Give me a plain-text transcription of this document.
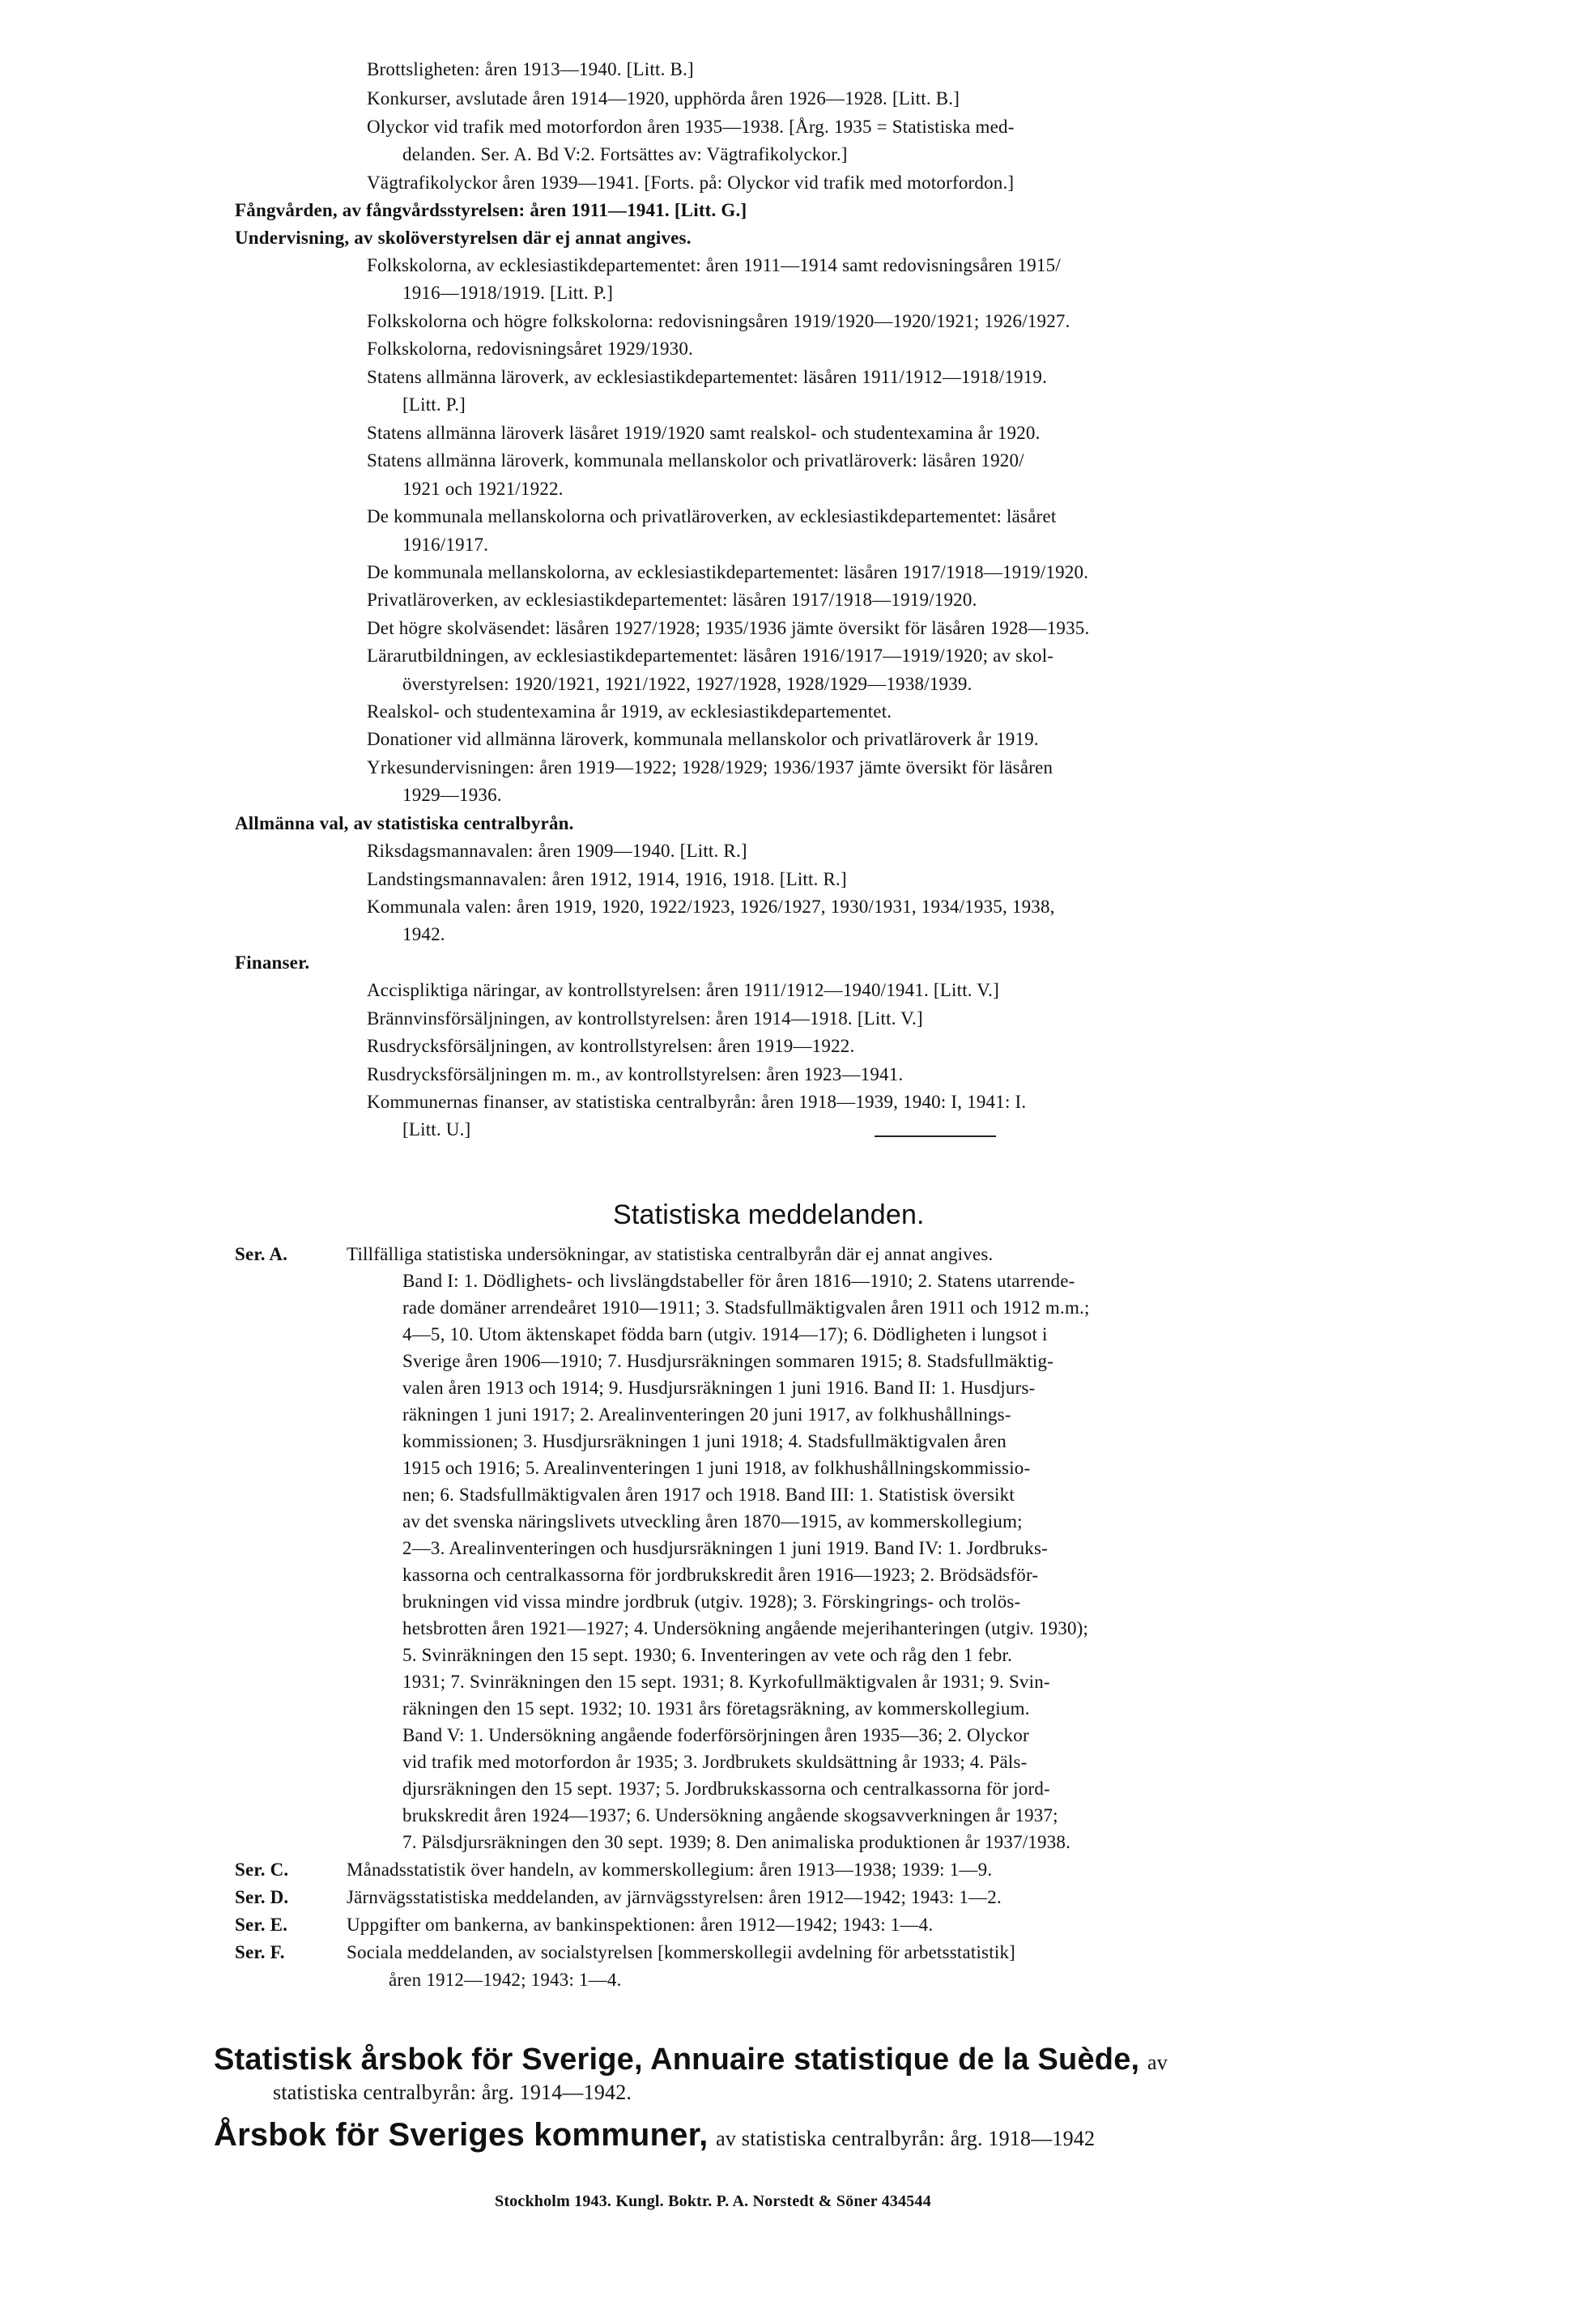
Brottsligheten: åren 1913—1940. [Litt. B.]
Konkurser, avslutade åren 1914—1920, upphörda åren 1926—1928. [Litt. B.]
Olyckor vid trafik med motorfordon åren 1935—1938. [Årg. 1935 = Statistiska med-
delanden. Ser. A. Bd V:2. Fortsättes av: Vägtrafikolyckor.]
Vägtrafikolyckor åren 1939—1941. [Forts. på: Olyckor vid trafik med motorfordon.]
Fångvården, av fångvårdsstyrelsen: åren 1911—1941. [Litt. G.]
Undervisning, av skolöverstyrelsen där ej annat angives.
Folkskolorna, av ecklesiastikdepartementet: åren 1911—1914 samt redovisningsåren 1915/
1916—1918/1919. [Litt. P.]
Folkskolorna och högre folkskolorna: redovisningsåren 1919/1920—1920/1921; 1926/1927.
Folkskolorna, redovisningsåret 1929/1930.
Statens allmänna läroverk, av ecklesiastikdepartementet: läsåren 1911/1912—1918/1919.
[Litt. P.]
Statens allmänna läroverk läsåret 1919/1920 samt realskol- och studentexamina år 1920.
Statens allmänna läroverk, kommunala mellanskolor och privatläroverk: läsåren 1920/
1921 och 1921/1922.
De kommunala mellanskolorna och privatläroverken, av ecklesiastikdepartementet: läsåret
1916/1917.
De kommunala mellanskolorna, av ecklesiastikdepartementet: läsåren 1917/1918—1919/1920.
Privatläroverken, av ecklesiastikdepartementet: läsåren 1917/1918—1919/1920.
Det högre skolväsendet: läsåren 1927/1928; 1935/1936 jämte översikt för läsåren 1928—1935.
Lärarutbildningen, av ecklesiastikdepartementet: läsåren 1916/1917—1919/1920; av skol-
överstyrelsen: 1920/1921, 1921/1922, 1927/1928, 1928/1929—1938/1939.
Realskol- och studentexamina år 1919, av ecklesiastikdepartementet.
Donationer vid allmänna läroverk, kommunala mellanskolor och privatläroverk år 1919.
Yrkesundervisningen: åren 1919—1922; 1928/1929; 1936/1937 jämte översikt för läsåren
1929—1936.
Allmänna val, av statistiska centralbyrån.
Riksdagsmannavalen: åren 1909—1940. [Litt. R.]
Landstingsmannavalen: åren 1912, 1914, 1916, 1918. [Litt. R.]
Kommunala valen: åren 1919, 1920, 1922/1923, 1926/1927, 1930/1931, 1934/1935, 1938,
1942.
Finanser.
Accispliktiga näringar, av kontrollstyrelsen: åren 1911/1912—1940/1941. [Litt. V.]
Brännvinsförsäljningen, av kontrollstyrelsen: åren 1914—1918. [Litt. V.]
Rusdrycksförsäljningen, av kontrollstyrelsen: åren 1919—1922.
Rusdrycksförsäljningen m. m., av kontrollstyrelsen: åren 1923—1941.
Kommunernas finanser, av statistiska centralbyrån: åren 1918—1939, 1940: I, 1941: I.
[Litt. U.]
Ser. A.	Tillfälliga statistiska undersökningar, av statistiska centralbyrån där ej annat angives.
Band I: 1. Dödlighets- och livslängdstabeller för åren 1816—1910; 2. Statens utarrende-
rade domäner arrendeåret 1910—1911; 3. Stadsfullmäktigvalen åren 1911 och 1912 m.m.;
4—5, 10. Utom äktenskapet födda barn (utgiv. 1914—17); 6. Dödligheten i lungsot i
Sverige åren 1906—1910; 7. Husdjursräkningen sommaren 1915; 8. Stadsfullmäktig-
valen åren 1913 och 1914; 9. Husdjursräkningen 1 juni 1916. Band II: 1. Husdjurs-
räkningen 1 juni 1917; 2. Arealinventeringen 20 juni 1917, av folkhushållnings-
kommissionen; 3. Husdjursräkningen 1 juni 1918; 4. Stadsfullmäktigvalen åren
1915 och 1916; 5. Arealinventeringen 1 juni 1918, av folkhushållningskommissio-
nen; 6. Stadsfullmäktigvalen åren 1917 och 1918. Band III: 1. Statistisk översikt
av det svenska näringslivets utveckling åren 1870—1915, av kommerskollegium;
2—3. Arealinventeringen och husdjursräkningen 1 juni 1919. Band IV: 1. Jordbruks-
kassorna och centralkassorna för jordbrukskredit åren 1916—1923; 2. Brödsädsför-
brukningen vid vissa mindre jordbruk (utgiv. 1928); 3. Förskingrings- och trolös-
hetsbrotten åren 1921—1927; 4. Undersökning angående mejerihanteringen (utgiv. 1930);
5. Svinräkningen den 15 sept. 1930; 6. Inventeringen av vete och råg den 1 febr.
1931; 7. Svinräkningen den 15 sept. 1931; 8. Kyrkofullmäktigvalen år 1931; 9. Svin-
räkningen den 15 sept. 1932; 10. 1931 års företagsräkning, av kommerskollegium.
Band V: 1. Undersökning angående foderförsörjningen åren 1935—36; 2. Olyckor
vid trafik med motorfordon år 1935; 3. Jordbrukets skuldsättning år 1933; 4. Päls-
djursräkningen den 15 sept. 1937; 5. Jordbrukskassorna och centralkassorna för jord-
brukskredit åren 1924—1937; 6. Undersökning angående skogsavverkningen år 1937;
7. Pälsdjursräkningen den 30 sept. 1939; 8. Den animaliska produktionen år 1937/1938.
Ser. C.	Månadsstatistik över handeln, av kommerskollegium: åren 1913—1938; 1939: 1—9.
Ser. D.	Järnvägsstatistiska meddelanden, av järnvägsstyrelsen: åren 1912—1942; 1943: 1—2.
Ser. E.	Uppgifter om bankerna, av bankinspektionen: åren 1912—1942; 1943: 1—4.
Ser. F.	Sociala meddelanden, av socialstyrelsen [kommerskollegii avdelning för arbetsstatistik]
åren 1912—1942; 1943: 1—4.
Statistiska meddelanden.
Statistisk årsbok för Sverige, Annuaire statistique de la Suède, av
statistiska centralbyrån: årg. 1914—1942.
Årsbok för Sveriges kommuner, av statistiska centralbyrån: årg. 1918—1942
Stockholm 1943. Kungl. Boktr. P. A. Norstedt & Söner 434544
